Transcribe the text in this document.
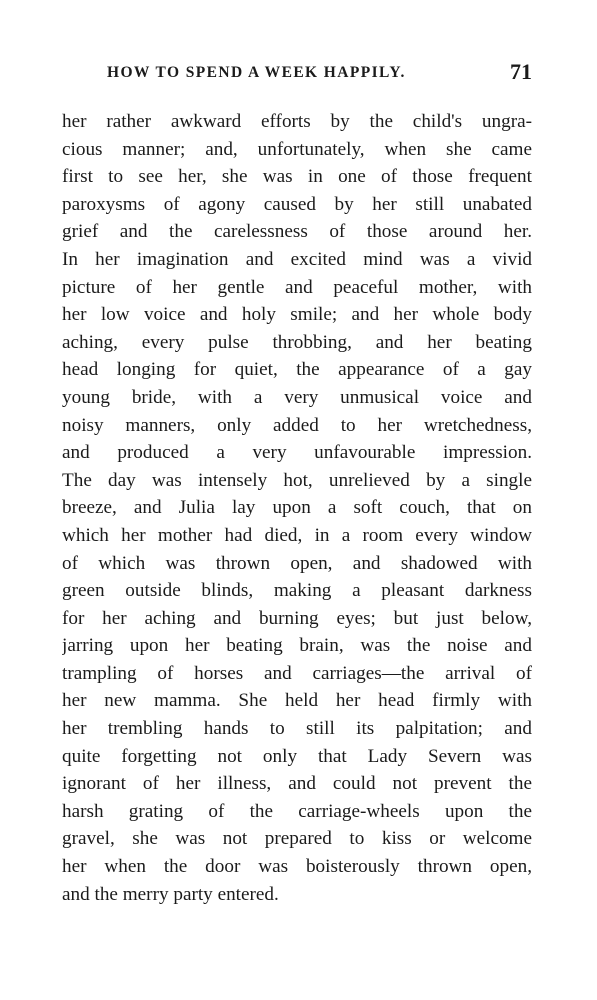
HOW TO SPEND A WEEK HAPPILY.	71
her rather awkward efforts by the child's ungra-
cious manner; and, unfortunately, when she came
first to see her, she was in one of those frequent
paroxysms of agony caused by her still unabated
grief and the carelessness of those around her.
In her imagination and excited mind was a vivid
picture of her gentle and peaceful mother, with
her low voice and holy smile; and her whole body
aching, every pulse throbbing, and her beating
head longing for quiet, the appearance of a gay
young bride, with a very unmusical voice and
noisy manners, only added to her wretchedness,
and produced a very unfavourable impression.
The day was intensely hot, unrelieved by a single
breeze, and Julia lay upon a soft couch, that on
which her mother had died, in a room every window
of which was thrown open, and shadowed with
green outside blinds, making a pleasant darkness
for her aching and burning eyes; but just below,
jarring upon her beating brain, was the noise and
trampling of horses and carriages—the arrival of
her new mamma. She held her head firmly with
her trembling hands to still its palpitation; and
quite forgetting not only that Lady Severn was
ignorant of her illness, and could not prevent the
harsh grating of the carriage-wheels upon the
gravel, she was not prepared to kiss or welcome
her when the door was boisterously thrown open,
and the merry party entered.
